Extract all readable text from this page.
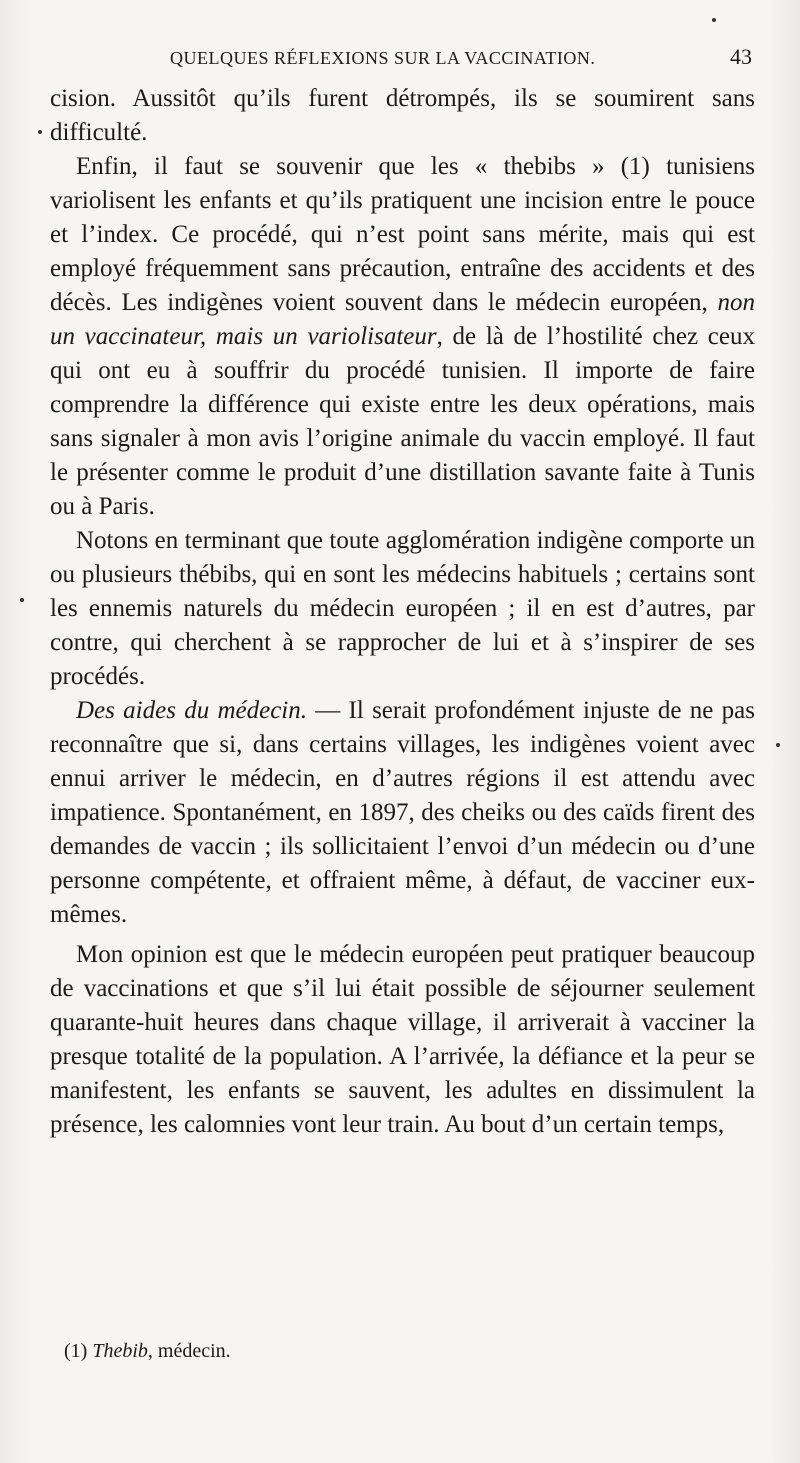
QUELQUES RÉFLEXIONS SUR LA VACCINATION.	43

cision. Aussitôt qu’ils furent détrompés, ils se soumirent sans difficulté.

Enfin, il faut se souvenir que les « thebibs » (1) tunisiens variolisent les enfants et qu’ils pratiquent une incision entre le pouce et l’index. Ce procédé, qui n’est point sans mérite, mais qui est employé fréquemment sans précaution, entraîne des accidents et des décès. Les indigènes voient souvent dans le médecin européen, non un vaccinateur, mais un variolisateur, de là de l’hostilité chez ceux qui ont eu à souffrir du procédé tunisien. Il importe de faire comprendre la différence qui existe entre les deux opérations, mais sans signaler à mon avis l’origine animale du vaccin employé. Il faut le présenter comme le produit d’une distillation savante faite à Tunis ou à Paris.

Notons en terminant que toute agglomération indigène comporte un ou plusieurs thébibs, qui en sont les médecins habituels ; certains sont les ennemis naturels du médecin européen ; il en est d’autres, par contre, qui cherchent à se rapprocher de lui et à s’inspirer de ses procédés.

Des aides du médecin. — Il serait profondément injuste de ne pas reconnaître que si, dans certains villages, les indigènes voient avec ennui arriver le médecin, en d’autres régions il est attendu avec impatience. Spontanément, en 1897, des cheiks ou des caïds firent des demandes de vaccin ; ils sollicitaient l’envoi d’un médecin ou d’une personne compétente, et offraient même, à défaut, de vacciner eux-mêmes.

Mon opinion est que le médecin européen peut pratiquer beaucoup de vaccinations et que s’il lui était possible de séjourner seulement quarante-huit heures dans chaque village, il arriverait à vacciner la presque totalité de la population. A l’arrivée, la défiance et la peur se manifestent, les enfants se sauvent, les adultes en dissimulent la présence, les calomnies vont leur train. Au bout d’un certain temps,

(1) Thebib, médecin.
